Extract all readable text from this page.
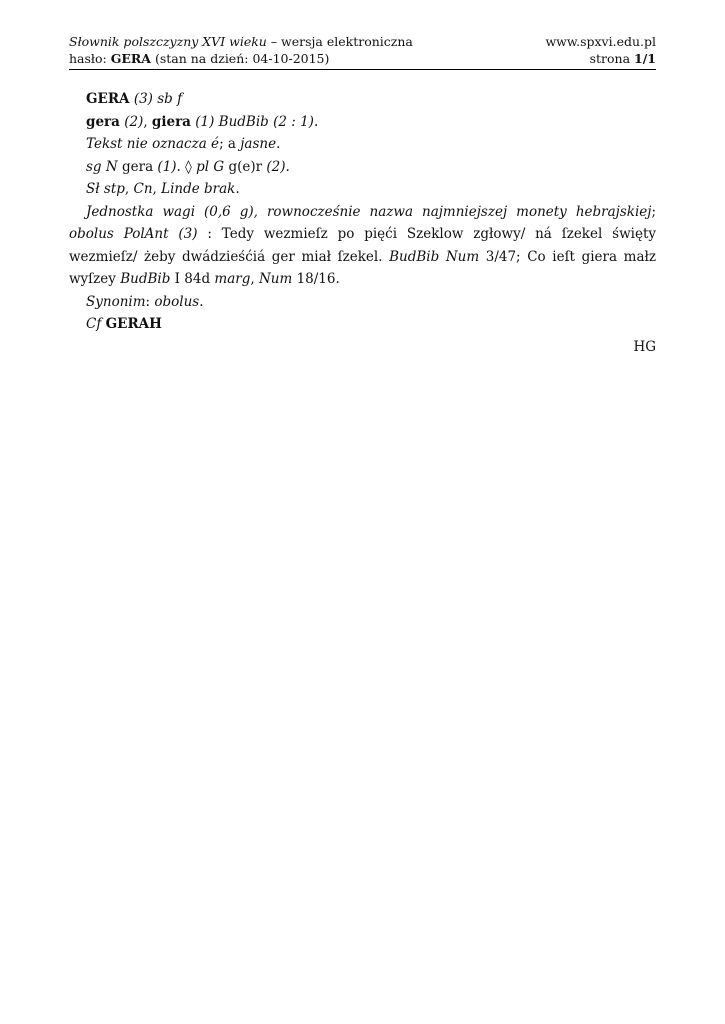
Słownik polszczyzny XVI wieku – wersja elektroniczna	www.spxvi.edu.pl
hasło: GERA (stan na dzień: 04-10-2015)	strona 1/1

GERA (3) sb f

gera (2), giera (1) BudBib (2 : 1).

Tekst nie oznacza é; a jasne.

sg N gera (1). ◊ pl G g(e)r (2).

Sł stp, Cn, Linde brak.

Jednostka wagi (0,6 g), rownocześnie nazwa najmniejszej monety hebrajskiej; obolus PolAnt (3) : Tedy wezmieſz po pięći Szeklow zgłowy/ ná ſzekel święty wezmieſz/ żeby dwádzieśćiá ger miał ſzekel. BudBib Num 3/47; Co ieſt giera małz wyſzey BudBib I 84d marg, Num 18/16.

Synonim: obolus.

Cf GERAH

HG
